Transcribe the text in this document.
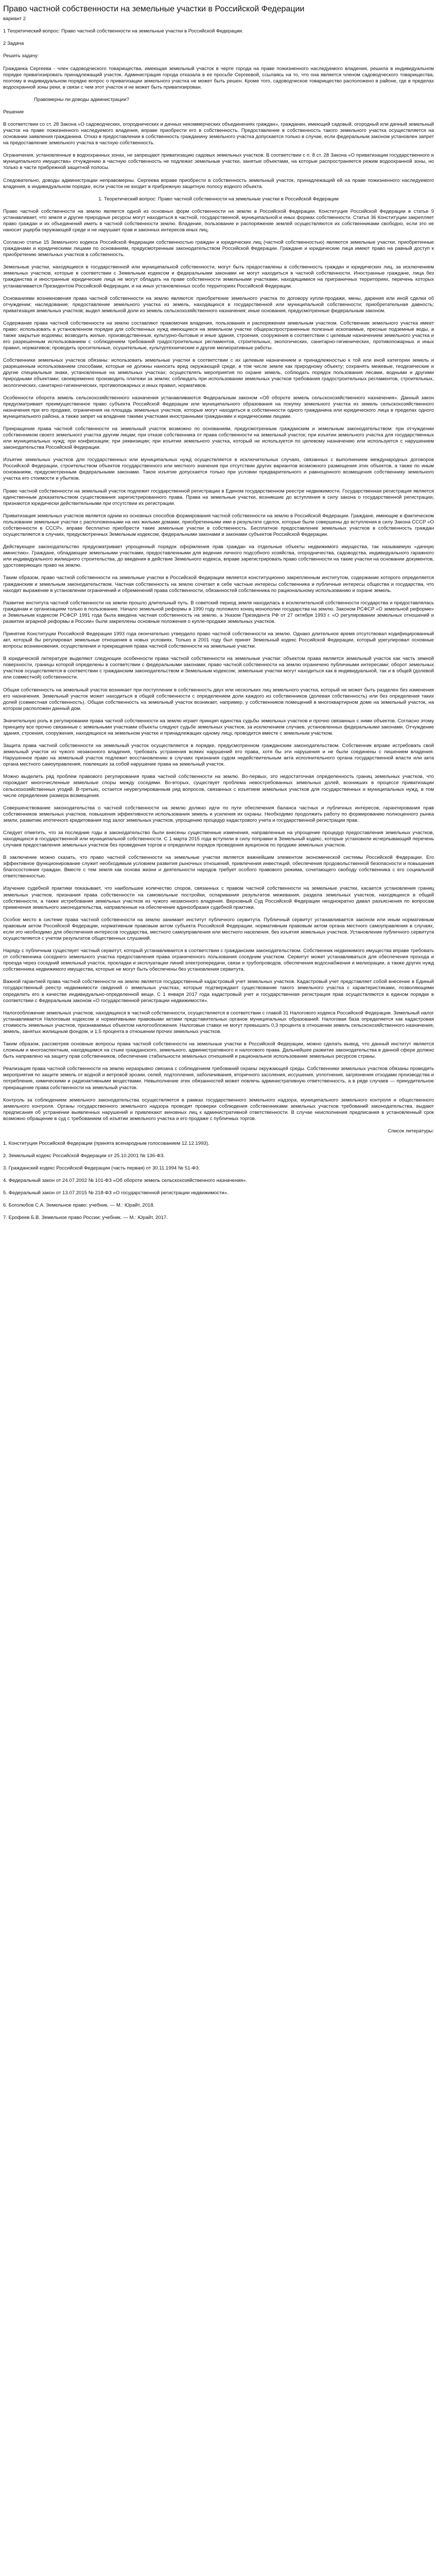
Право частной собственности на земельные участки в Российской Федерации
вариант 2
1 Теоретический вопрос: Право частной собственности на земельные участки в Российской Федерации.
2 Задача
Решить задачу:
Гражданка Сергеева - член садоводческого товарищества, имеющая земельный участок в черте города на праве пожизненного наследуемого владения, решила в индивидуальном порядке приватизировать принадлежащий участок. Администрация города отказала в ее просьбе Сергеевой, ссылаясь на то, что она является членом садоводческого товарищества, поэтому в индивидуальном порядке вопрос о приватизации земельного участка не может быть решен. Кроме того, садоводческое товарищество расположено в районе, где в пределах водоохранной зоны реки, в связи с чем этот участок и не может быть приватизирован.
Правомерны ли доводы администрации?
Решение
В соответствии со ст. 28 Закона «О садоводческих, огороднических и дачных некоммерческих объединениях граждан», гражданин, имеющий садовый, огородный или дачный земельный участок на праве пожизненного наследуемого владения, вправе приобрести его в собственность. Предоставление в собственность такого земельного участка осуществляется на основании заявления гражданина. Отказ в предоставлении в собственность гражданину земельного участка допускается только в случае, если федеральным законом установлен запрет на предоставление земельного участка в частную собственность.
Ограничения, установленные в водоохранных зонах, не запрещают приватизацию садовых земельных участков. В соответствии с п. 8 ст. 28 Закона «О приватизации государственного и муниципального имущества» отчуждению в частную собственность не подлежат земельные участки, занятые объектами, на которые распространяется режим водоохранной зоны, но только в части прибрежной защитной полосы.
Следовательно, доводы администрации неправомерны. Сергеева вправе приобрести в собственность земельный участок, принадлежащий ей на праве пожизненного наследуемого владения, в индивидуальном порядке, если участок не входит в прибрежную защитную полосу водного объекта.
1. Теоретический вопрос: Право частной собственности на земельные участки в Российской Федерации
Право частной собственности на землю является одной из основных форм собственности на землю в Российской Федерации. Конституция Российской Федерации в статье 9 устанавливает, что земля и другие природные ресурсы могут находиться в частной, государственной, муниципальной и иных формах собственности. Статья 36 Конституции закрепляет право граждан и их объединений иметь в частной собственности землю. Владение, пользование и распоряжение землей осуществляются их собственниками свободно, если это не наносит ущерба окружающей среде и не нарушает прав и законных интересов иных лиц.
Согласно статье 15 Земельного кодекса Российской Федерации собственностью граждан и юридических лиц (частной собственностью) являются земельные участки, приобретенные гражданами и юридическими лицами по основаниям, предусмотренным законодательством Российской Федерации. Граждане и юридические лица имеют право на равный доступ к приобретению земельных участков в собственность.
Земельные участки, находящиеся в государственной или муниципальной собственности, могут быть предоставлены в собственность граждан и юридических лиц, за исключением земельных участков, которые в соответствии с Земельным кодексом и федеральными законами не могут находиться в частной собственности. Иностранные граждане, лица без гражданства и иностранные юридические лица не могут обладать на праве собственности земельными участками, находящимися на приграничных территориях, перечень которых устанавливается Президентом Российской Федерации, и на иных установленных особо территориях Российской Федерации.
Основаниями возникновения права частной собственности на землю являются: приобретение земельного участка по договору купли-продажи, мены, дарения или иной сделки об отчуждении; наследование; предоставление земельного участка из земель, находящихся в государственной или муниципальной собственности; приобретательная давность; приватизация земельных участков; выдел земельной доли из земель сельскохозяйственного назначения; иные основания, предусмотренные федеральным законом.
Содержание права частной собственности на землю составляют правомочия владения, пользования и распоряжения земельным участком. Собственник земельного участка имеет право: использовать в установленном порядке для собственных нужд имеющиеся на земельном участке общераспространенные полезные ископаемые, пресные подземные воды, а также закрытые водоемы; возводить жилые, производственные, культурно-бытовые и иные здания, строения, сооружения в соответствии с целевым назначением земельного участка и его разрешенным использованием с соблюдением требований градостроительных регламентов, строительных, экологических, санитарно-гигиенических, противопожарных и иных правил, нормативов; проводить оросительные, осушительные, культуртехнические и другие мелиоративные работы.
Собственники земельных участков обязаны: использовать земельные участки в соответствии с их целевым назначением и принадлежностью к той или иной категории земель и разрешенным использованием способами, которые не должны наносить вред окружающей среде, в том числе земле как природному объекту; сохранять межевые, геодезические и другие специальные знаки, установленные на земельных участках; осуществлять мероприятия по охране земель, соблюдать порядок пользования лесами, водными и другими природными объектами; своевременно производить платежи за землю; соблюдать при использовании земельных участков требования градостроительных регламентов, строительных, экологических, санитарно-гигиенических, противопожарных и иных правил, нормативов.
Особенности оборота земель сельскохозяйственного назначения устанавливаются Федеральным законом «Об обороте земель сельскохозяйственного назначения». Данный закон предусматривает преимущественное право субъекта Российской Федерации или муниципального образования на покупку земельного участка из земель сельскохозяйственного назначения при его продаже, ограничения на площадь земельных участков, которые могут находиться в собственности одного гражданина или юридического лица в пределах одного муниципального района, а также запрет на владение такими участками иностранными гражданами и юридическими лицами.
Прекращение права частной собственности на земельный участок возможно по основаниям, предусмотренным гражданским и земельным законодательством: при отчуждении собственником своего земельного участка другим лицам; при отказе собственника от права собственности на земельный участок; при изъятии земельного участка для государственных или муниципальных нужд; при конфискации; при реквизиции; при изъятии земельного участка, который не используется по целевому назначению или используется с нарушением законодательства Российской Федерации.
Изъятие земельных участков для государственных или муниципальных нужд осуществляется в исключительных случаях, связанных с выполнением международных договоров Российской Федерации, строительством объектов государственного или местного значения при отсутствии других вариантов возможного размещения этих объектов, а также по иным основаниям, предусмотренным федеральными законами. Такое изъятие допускается только при условии предварительного и равноценного возмещения собственнику земельного участка его стоимости и убытков.
Право частной собственности на земельный участок подлежит государственной регистрации в Едином государственном реестре недвижимости. Государственная регистрация является единственным доказательством существования зарегистрированного права. Права на земельные участки, возникшие до вступления в силу закона о государственной регистрации, признаются юридически действительными при отсутствии их регистрации.
Приватизация земельных участков является одним из основных способов формирования частной собственности на землю в Российской Федерации. Граждане, имеющие в фактическом пользовании земельные участки с расположенными на них жилыми домами, приобретенными ими в результате сделок, которые были совершены до вступления в силу Закона СССР «О собственности в СССР», вправе бесплатно приобрести такие земельные участки в собственность. Бесплатное предоставление земельных участков в собственность граждан осуществляется в случаях, предусмотренных Земельным кодексом, федеральными законами и законами субъектов Российской Федерации.
Действующее законодательство предусматривает упрощенный порядок оформления прав граждан на отдельные объекты недвижимого имущества, так называемую «дачную амнистию». Граждане, обладающие земельными участками, предоставленными для ведения личного подсобного хозяйства, огородничества, садоводства, индивидуального гаражного или индивидуального жилищного строительства, до введения в действие Земельного кодекса, вправе зарегистрировать право собственности на такие участки на основании документов, удостоверяющих право на землю.
Таким образом, право частной собственности на земельные участки в Российской Федерации является конституционно закрепленным институтом, содержание которого определяется гражданским и земельным законодательством. Частная собственность на землю сочетает в себе частные интересы собственника и публичные интересы общества и государства, что находит выражение в установлении ограничений и обременений права собственности, обязанностей собственника по рациональному использованию и охране земель.
Развитие института частной собственности на землю прошло длительный путь. В советский период земля находилась в исключительной собственности государства и предоставлялась гражданам и организациям только в пользование. Начало земельной реформы в 1990 году положило конец монополии государства на землю. Законом РСФСР «О земельной реформе» и Земельным кодексом РСФСР 1991 года была введена частная собственность на землю, а Указом Президента РФ от 27 октября 1993 г. «О регулировании земельных отношений и развитии аграрной реформы в России» были закреплены основные положения о купле-продаже земельных участков.
Принятие Конституции Российской Федерации 1993 года окончательно утвердило право частной собственности на землю. Однако длительное время отсутствовал кодифицированный акт, который бы регулировал земельные отношения в новых условиях. Только в 2001 году был принят Земельный кодекс Российской Федерации, который урегулировал основные вопросы возникновения, осуществления и прекращения права частной собственности на земельные участки.
В юридической литературе выделяют следующие особенности права частной собственности на земельные участки: объектом права является земельный участок как часть земной поверхности, границы которой определены в соответствии с федеральными законами; право частной собственности на землю ограничено публичными интересами; оборот земельных участков осуществляется в соответствии с гражданским законодательством и Земельным кодексом; земельные участки могут находиться как в индивидуальной, так и в общей (долевой или совместной) собственности.
Общая собственность на земельный участок возникает при поступлении в собственность двух или нескольких лиц земельного участка, который не может быть разделен без изменения его назначения. Земельный участок может находиться в общей собственности с определением доли каждого из собственников (долевая собственность) или без определения таких долей (совместная собственность). Общая собственность на земельный участок возникает, например, у собственников помещений в многоквартирном доме на земельный участок, на котором расположен данный дом.
Значительную роль в регулировании права частной собственности на землю играет принцип единства судьбы земельных участков и прочно связанных с ними объектов. Согласно этому принципу все прочно связанные с земельными участками объекты следуют судьбе земельных участков, за исключением случаев, установленных федеральными законами. Отчуждение здания, строения, сооружения, находящихся на земельном участке и принадлежащих одному лицу, проводится вместе с земельным участком.
Защита права частной собственности на земельный участок осуществляется в порядке, предусмотренном гражданским законодательством. Собственник вправе истребовать свой земельный участок из чужого незаконного владения, требовать устранения всяких нарушений его права, хотя бы эти нарушения и не были соединены с лишением владения. Нарушенное право на земельный участок подлежит восстановлению в случаях признания судом недействительным акта исполнительного органа государственной власти или акта органа местного самоуправления, повлекших за собой нарушение права на земельный участок.
Можно выделить ряд проблем правового регулирования права частной собственности на землю. Во-первых, это недостаточная определенность границ земельных участков, что порождает многочисленные земельные споры между соседями. Во-вторых, существует проблема невостребованных земельных долей, возникших в процессе приватизации сельскохозяйственных угодий. В-третьих, остается неурегулированным ряд вопросов, связанных с изъятием земельных участков для государственных и муниципальных нужд, в том числе определение размера возмещения.
Совершенствование законодательства о частной собственности на землю должно идти по пути обеспечения баланса частных и публичных интересов, гарантирования прав собственников земельных участков, повышения эффективности использования земель и усиления их охраны. Необходимо продолжить работу по формированию полноценного рынка земли, развитию ипотечного кредитования под залог земельных участков, упрощению процедур кадастрового учета и государственной регистрации прав.
Следует отметить, что за последние годы в законодательство были внесены существенные изменения, направленные на упрощение процедур предоставления земельных участков, находящихся в государственной или муниципальной собственности. С 1 марта 2015 года вступили в силу поправки в Земельный кодекс, которые установили исчерпывающий перечень случаев предоставления земельных участков без проведения торгов и определили порядок проведения аукционов по продаже земельных участков.
В заключение можно сказать, что право частной собственности на земельные участки является важнейшим элементом экономической системы Российской Федерации. Его эффективное функционирование служит необходимым условием развития рыночных отношений, привлечения инвестиций, обеспечения продовольственной безопасности и повышения благосостояния граждан. Вместе с тем земля как основа жизни и деятельности народов требует особого правового режима, сочетающего свободу собственника с его социальной ответственностью.
Изучение судебной практики показывает, что наибольшее количество споров, связанных с правом частной собственности на земельные участки, касается установления границ земельных участков, признания права собственности на самовольные постройки, оспаривания результатов межевания, раздела земельных участков, находящихся в общей собственности, а также истребования земельных участков из чужого незаконного владения. Верховный Суд Российской Федерации неоднократно давал разъяснения по вопросам применения земельного законодательства, направленные на обеспечение единообразия судебной практики.
Особое место в системе права частной собственности на землю занимает институт публичного сервитута. Публичный сервитут устанавливается законом или иным нормативным правовым актом Российской Федерации, нормативным правовым актом субъекта Российской Федерации, нормативным правовым актом органа местного самоуправления в случаях, если это необходимо для обеспечения интересов государства, местного самоуправления или местного населения, без изъятия земельных участков. Установление публичного сервитута осуществляется с учетом результатов общественных слушаний.
Наряду с публичным существует частный сервитут, который устанавливается в соответствии с гражданским законодательством. Собственник недвижимого имущества вправе требовать от собственника соседнего земельного участка предоставления права ограниченного пользования соседним участком. Сервитут может устанавливаться для обеспечения прохода и проезда через соседний земельный участок, прокладки и эксплуатации линий электропередачи, связи и трубопроводов, обеспечения водоснабжения и мелиорации, а также других нужд собственника недвижимого имущества, которые не могут быть обеспечены без установления сервитута.
Важной гарантией права частной собственности на землю является государственный кадастровый учет земельных участков. Кадастровый учет представляет собой внесение в Единый государственный реестр недвижимости сведений о земельных участках, которые подтверждают существование такого земельного участка с характеристиками, позволяющими определить его в качестве индивидуально-определенной вещи. С 1 января 2017 года кадастровый учет и государственная регистрация прав осуществляются в едином порядке в соответствии с Федеральным законом «О государственной регистрации недвижимости».
Налогообложение земельных участков, находящихся в частной собственности, осуществляется в соответствии с главой 31 Налогового кодекса Российской Федерации. Земельный налог устанавливается Налоговым кодексом и нормативными правовыми актами представительных органов муниципальных образований. Налоговая база определяется как кадастровая стоимость земельных участков, признаваемых объектом налогообложения. Налоговые ставки не могут превышать 0,3 процента в отношении земель сельскохозяйственного назначения, земель, занятых жилищным фондом, и 1,5 процента в отношении прочих земельных участков.
Таким образом, рассмотрев основные вопросы права частной собственности на земельные участки в Российской Федерации, можно сделать вывод, что данный институт является сложным и многоаспектным, находящимся на стыке гражданского, земельного, административного и налогового права. Дальнейшее развитие законодательства в данной сфере должно быть направлено на защиту прав собственников, обеспечение стабильности земельных отношений и рациональное использование земельных ресурсов страны.
Реализация права частной собственности на землю неразрывно связана с соблюдением требований охраны окружающей среды. Собственники земельных участков обязаны проводить мероприятия по защите земель от водной и ветровой эрозии, селей, подтопления, заболачивания, вторичного засоления, иссушения, уплотнения, загрязнения отходами производства и потребления, химическими и радиоактивными веществами. Невыполнение этих обязанностей может повлечь административную ответственность, а в ряде случаев — принудительное прекращение права собственности на земельный участок.
Контроль за соблюдением земельного законодательства осуществляется в рамках государственного земельного надзора, муниципального земельного контроля и общественного земельного контроля. Органы государственного земельного надзора проводят проверки соблюдения собственниками земельных участков требований законодательства, выдают предписания об устранении выявленных нарушений и привлекают виновных лиц к административной ответственности. В случае неисполнения предписания в установленный срок возможно обращение в суд с требованием об изъятии земельного участка и его продаже с публичных торгов.
Список литературы:
1. Конституция Российской Федерации (принята всенародным голосованием 12.12.1993).
2. Земельный кодекс Российской Федерации от 25.10.2001 № 136-ФЗ.
3. Гражданский кодекс Российской Федерации (часть первая) от 30.11.1994 № 51-ФЗ.
4. Федеральный закон от 24.07.2002 № 101-ФЗ «Об обороте земель сельскохозяйственного назначения».
5. Федеральный закон от 13.07.2015 № 218-ФЗ «О государственной регистрации недвижимости».
6. Боголюбов С.А. Земельное право: учебник. — М.: Юрайт, 2018.
7. Ерофеев Б.В. Земельное право России: учебник. — М.: Юрайт, 2017.
